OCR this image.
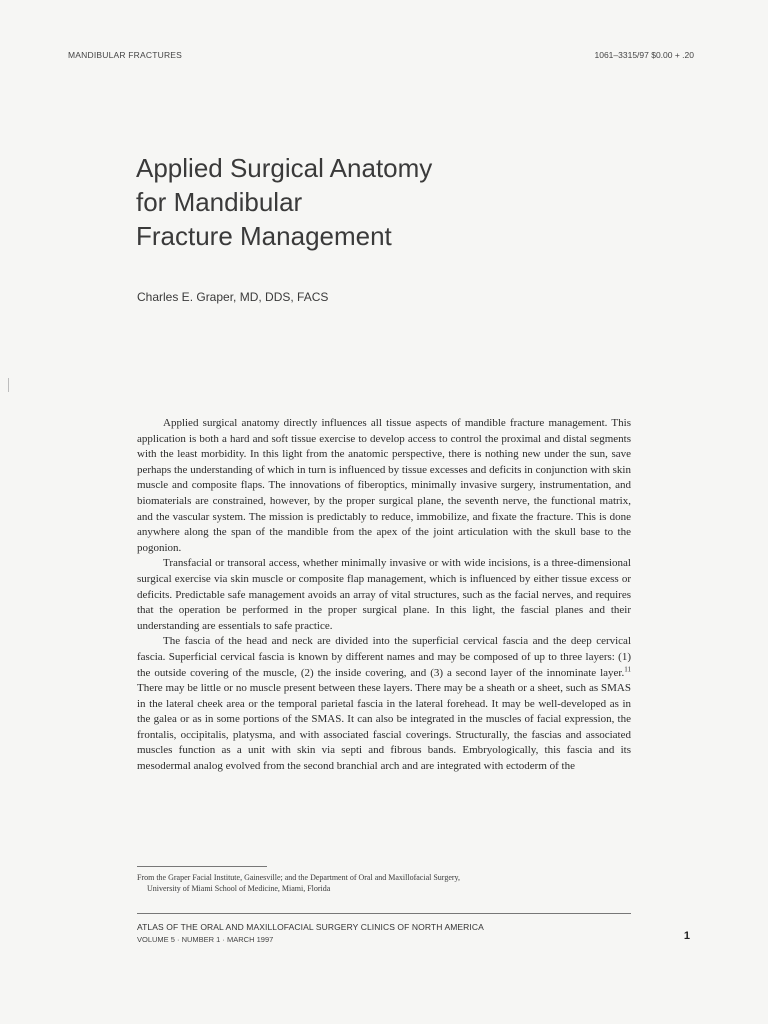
MANDIBULAR FRACTURES	1061–3315/97 $0.00 + .20
Applied Surgical Anatomy
for Mandibular
Fracture Management
Charles E. Graper, MD, DDS, FACS

Applied surgical anatomy directly influences all tissue aspects of mandible fracture management. This application is both a hard and soft tissue exercise to develop access to control the proximal and distal segments with the least morbidity. In this light from the anatomic perspective, there is nothing new under the sun, save perhaps the understanding of which in turn is influenced by tissue excesses and deficits in conjunction with skin muscle and composite flaps. The innovations of fiberoptics, minimally invasive surgery, instrumentation, and biomaterials are constrained, however, by the proper surgical plane, the seventh nerve, the functional matrix, and the vascular system. The mission is predictably to reduce, immobilize, and fixate the fracture. This is done anywhere along the span of the mandible from the apex of the joint articulation with the skull base to the pogonion.

Transfacial or transoral access, whether minimally invasive or with wide incisions, is a three-dimensional surgical exercise via skin muscle or composite flap management, which is influenced by either tissue excess or deficits. Predictable safe management avoids an array of vital structures, such as the facial nerves, and requires that the operation be performed in the proper surgical plane. In this light, the fascial planes and their understanding are essentials to safe practice.

The fascia of the head and neck are divided into the superficial cervical fascia and the deep cervical fascia. Superficial cervical fascia is known by different names and may be composed of up to three layers: (1) the outside covering of the muscle, (2) the inside covering, and (3) a second layer of the innominate layer.$^{11}$ There may be little or no muscle present between these layers. There may be a sheath or a sheet, such as SMAS in the lateral cheek area or the temporal parietal fascia in the lateral forehead. It may be well-developed as in the galea or as in some portions of the SMAS. It can also be integrated in the muscles of facial expression, the frontalis, occipitalis, platysma, and with associated fascial coverings. Structurally, the fascias and associated muscles function as a unit with skin via septi and fibrous bands. Embryologically, this fascia and its mesodermal analog evolved from the second branchial arch and are integrated with ectoderm of the

From the Graper Facial Institute, Gainesville; and the Department of Oral and Maxillofacial Surgery,
University of Miami School of Medicine, Miami, Florida
ATLAS OF THE ORAL AND MAXILLOFACIAL SURGERY CLINICS OF NORTH AMERICA
VOLUME 5 · NUMBER 1 · MARCH 1997	1
